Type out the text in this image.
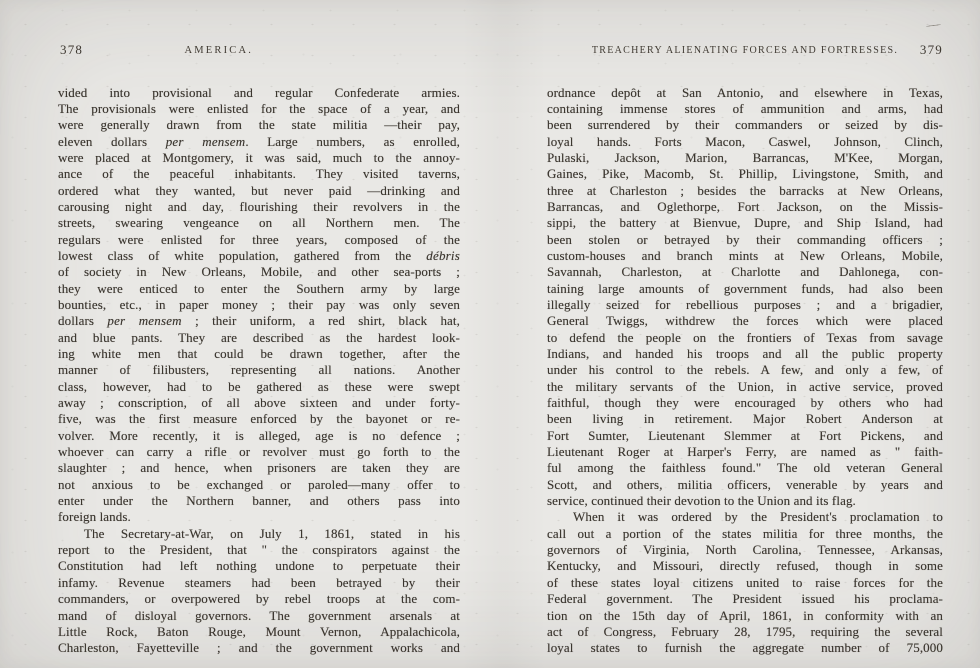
378	AMERICA.
vided into provisional and regular Confederate armies.
The provisionals were enlisted for the space of a year, and
were generally drawn from the state militia —their pay,
eleven dollars per mensem. Large numbers, as enrolled,
were placed at Montgomery, it was said, much to the annoy-
ance of the peaceful inhabitants. They visited taverns,
ordered what they wanted, but never paid —drinking and
carousing night and day, flourishing their revolvers in the
streets, swearing vengeance on all Northern men. The
regulars were enlisted for three years, composed of the
lowest class of white population, gathered from the débris
of society in New Orleans, Mobile, and other sea-ports ;
they were enticed to enter the Southern army by large
bounties, etc., in paper money ; their pay was only seven
dollars per mensem ; their uniform, a red shirt, black hat,
and blue pants. They are described as the hardest look-
ing white men that could be drawn together, after the
manner of filibusters, representing all nations. Another
class, however, had to be gathered as these were swept
away ; conscription, of all above sixteen and under forty-
five, was the first measure enforced by the bayonet or re-
volver. More recently, it is alleged, age is no defence ;
whoever can carry a rifle or revolver must go forth to the
slaughter ; and hence, when prisoners are taken they are
not anxious to be exchanged or paroled—many offer to
enter under the Northern banner, and others pass into
foreign lands.
The Secretary-at-War, on July 1, 1861, stated in his
report to the President, that " the conspirators against the
Constitution had left nothing undone to perpetuate their
infamy. Revenue steamers had been betrayed by their
commanders, or overpowered by rebel troops at the com-
mand of disloyal governors. The government arsenals at
Little Rock, Baton Rouge, Mount Vernon, Appalachicola,
Charleston, Fayetteville ; and the government works and
TREACHERY ALIENATING FORCES AND FORTRESSES. 379
ordnance depôt at San Antonio, and elsewhere in Texas,
containing immense stores of ammunition and arms, had
been surrendered by their commanders or seized by dis-
loyal hands. Forts Macon, Caswel, Johnson, Clinch,
Pulaski, Jackson, Marion, Barrancas, M'Kee, Morgan,
Gaines, Pike, Macomb, St. Phillip, Livingstone, Smith, and
three at Charleston ; besides the barracks at New Orleans,
Barrancas, and Oglethorpe, Fort Jackson, on the Missis-
sippi, the battery at Bienvue, Dupre, and Ship Island, had
been stolen or betrayed by their commanding officers ;
custom-houses and branch mints at New Orleans, Mobile,
Savannah, Charleston, at Charlotte and Dahlonega, con-
taining large amounts of government funds, had also been
illegally seized for rebellious purposes ; and a brigadier,
General Twiggs, withdrew the forces which were placed
to defend the people on the frontiers of Texas from savage
Indians, and handed his troops and all the public property
under his control to the rebels. A few, and only a few, of
the military servants of the Union, in active service, proved
faithful, though they were encouraged by others who had
been living in retirement. Major Robert Anderson at
Fort Sumter, Lieutenant Slemmer at Fort Pickens, and
Lieutenant Roger at Harper's Ferry, are named as " faith-
ful among the faithless found." The old veteran General
Scott, and others, militia officers, venerable by years and
service, continued their devotion to the Union and its flag.
When it was ordered by the President's proclamation to
call out a portion of the states militia for three months, the
governors of Virginia, North Carolina, Tennessee, Arkansas,
Kentucky, and Missouri, directly refused, though in some
of these states loyal citizens united to raise forces for the
Federal government. The President issued his proclama-
tion on the 15th day of April, 1861, in conformity with an
act of Congress, February 28, 1795, requiring the several
loyal states to furnish the aggregate number of 75,000
